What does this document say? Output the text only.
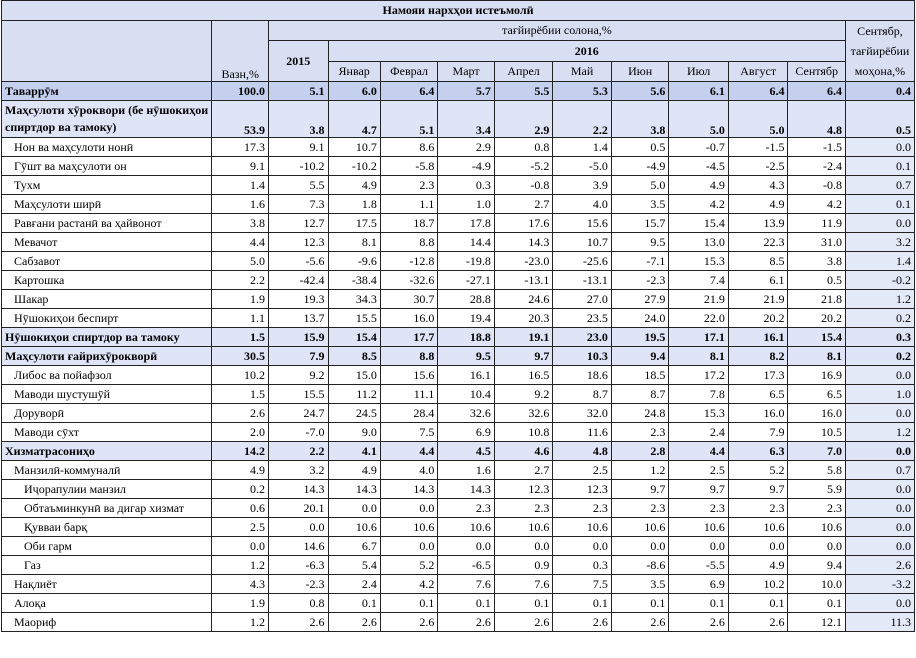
Намояи нархҳои истеъмолӣ												
	Вазн,%	тағйирёбии солона,%										Сентябр, тағйирёбии моҳона,%
		2015	2016									
			Январ	Феврал	Март	Апрел	Май	Июн	Июл	Август	Сентябр	
Таваррӯм	100.0	5.1	6.0	6.4	5.7	5.5	5.3	5.6	6.1	6.4	6.4	0.4
Маҳсулоти хӯроквори (бе нӯшокиҳои спиртдор ва тамоку)	53.9	3.8	4.7	5.1	3.4	2.9	2.2	3.8	5.0	5.0	4.8	0.5
Нон ва маҳсулоти нонӣ	17.3	9.1	10.7	8.6	2.9	0.8	1.4	0.5	-0.7	-1.5	-1.5	0.0
Гӯшт ва маҳсулоти он	9.1	-10.2	-10.2	-5.8	-4.9	-5.2	-5.0	-4.9	-4.5	-2.5	-2.4	0.1
Тухм	1.4	5.5	4.9	2.3	0.3	-0.8	3.9	5.0	4.9	4.3	-0.8	0.7
Маҳсулоти ширӣ	1.6	7.3	1.8	1.1	1.0	2.7	4.0	3.5	4.2	4.9	4.2	0.1
Равғани растанӣ ва ҳайвонот	3.8	12.7	17.5	18.7	17.8	17.6	15.6	15.7	15.4	13.9	11.9	0.0
Мевачот	4.4	12.3	8.1	8.8	14.4	14.3	10.7	9.5	13.0	22.3	31.0	3.2
Сабзавот	5.0	-5.6	-9.6	-12.8	-19.8	-23.0	-25.6	-7.1	15.3	8.5	3.8	1.4
Картошка	2.2	-42.4	-38.4	-32.6	-27.1	-13.1	-13.1	-2.3	7.4	6.1	0.5	-0.2
Шакар	1.9	19.3	34.3	30.7	28.8	24.6	27.0	27.9	21.9	21.9	21.8	1.2
Нӯшокиҳои беспирт	1.1	13.7	15.5	16.0	19.4	20.3	23.5	24.0	22.0	20.2	20.2	0.2
Нӯшокиҳои спиртдор ва тамоку	1.5	15.9	15.4	17.7	18.8	19.1	23.0	19.5	17.1	16.1	15.4	0.3
Маҳсулоти ғайрихӯрокворӣ	30.5	7.9	8.5	8.8	9.5	9.7	10.3	9.4	8.1	8.2	8.1	0.2
Либос ва пойафзол	10.2	9.2	15.0	15.6	16.1	16.5	18.6	18.5	17.2	17.3	16.9	0.0
Маводи шустушӯй	1.5	15.5	11.2	11.1	10.4	9.2	8.7	8.7	7.8	6.5	6.5	1.0
Доруворӣ	2.6	24.7	24.5	28.4	32.6	32.6	32.0	24.8	15.3	16.0	16.0	0.0
Маводи сӯхт	2.0	-7.0	9.0	7.5	6.9	10.8	11.6	2.3	2.4	7.9	10.5	1.2
Хизматрасониҳо	14.2	2.2	4.1	4.4	4.5	4.6	4.8	2.8	4.4	6.3	7.0	0.0
Манзилӣ-коммуналӣ	4.9	3.2	4.9	4.0	1.6	2.7	2.5	1.2	2.5	5.2	5.8	0.7
Иҷорапулии манзил	0.2	14.3	14.3	14.3	14.3	12.3	12.3	9.7	9.7	9.7	5.9	0.0
Обтаъминкунӣ ва дигар хизмат	0.6	20.1	0.0	0.0	2.3	2.3	2.3	2.3	2.3	2.3	2.3	0.0
Қувваи барқ	2.5	0.0	10.6	10.6	10.6	10.6	10.6	10.6	10.6	10.6	10.6	0.0
Оби гарм	0.0	14.6	6.7	0.0	0.0	0.0	0.0	0.0	0.0	0.0	0.0	0.0
Газ	1.2	-6.3	5.4	5.2	-6.5	0.9	0.3	-8.6	-5.5	4.9	9.4	2.6
Нақлиёт	4.3	-2.3	2.4	4.2	7.6	7.6	7.5	3.5	6.9	10.2	10.0	-3.2
Алоқа	1.9	0.8	0.1	0.1	0.1	0.1	0.1	0.1	0.1	0.1	0.1	0.0
Маориф	1.2	2.6	2.6	2.6	2.6	2.6	2.6	2.6	2.6	2.6	12.1	11.3
